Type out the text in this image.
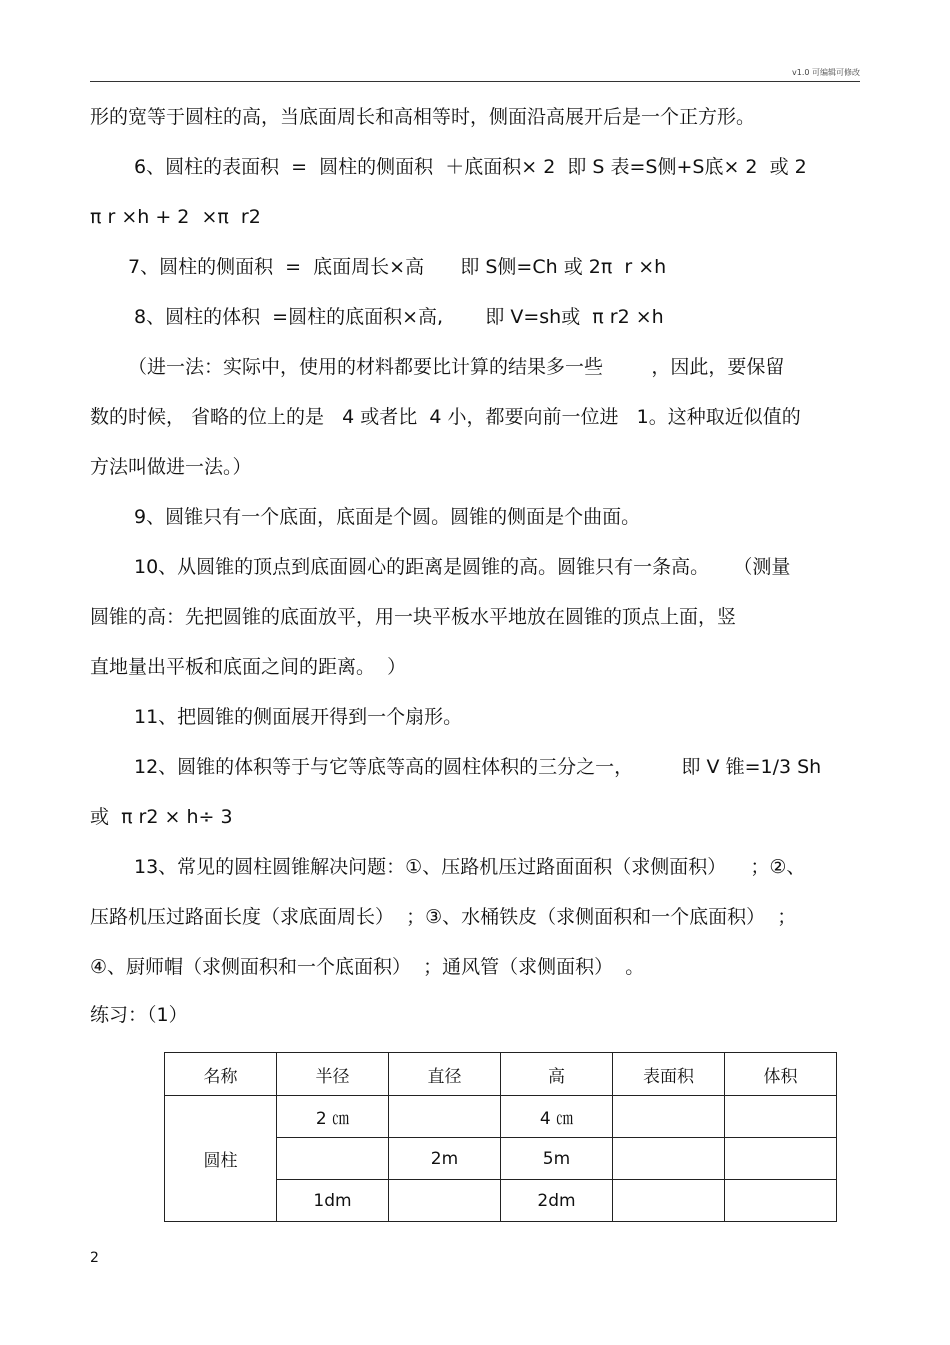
v1.0 可编辑可修改
形的宽等于圆柱的高，当底面周长和高相等时，侧面沿高展开后是一个正方形。
6、圆柱的表面积  =  圆柱的侧面积  ＋底面积× 2  即 S 表=S侧+S底× 2  或 2
π r ×h + 2  ×π  r2
7、圆柱的侧面积  =  底面周长×高      即 S侧=Ch 或 2π  r ×h
8、圆柱的体积  =圆柱的底面积×高,       即 V=sh或  π r2 ×h
（进一法：实际中，使用的材料都要比计算的结果多一些        ，因此，要保留
数的时候， 省略的位上的是   4 或者比  4 小，都要向前一位进   1。这种取近似值的
方法叫做进一法。）
9、圆锥只有一个底面，底面是个圆。圆锥的侧面是个曲面。
10、从圆锥的顶点到底面圆心的距离是圆锥的高。圆锥只有一条高。    （测量
圆锥的高：先把圆锥的底面放平，用一块平板水平地放在圆锥的顶点上面，竖
直地量出平板和底面之间的距离。  ）
11、把圆锥的侧面展开得到一个扇形。
12、圆锥的体积等于与它等底等高的圆柱体积的三分之一，        即 V 锥=1/3 Sh
或  π r2 × h÷ 3
13、常见的圆柱圆锥解决问题：①、压路机压过路面面积（求侧面积）    ；②、
压路机压过路面长度（求底面周长）  ；③、水桶铁皮（求侧面积和一个底面积）  ；
④、厨师帽（求侧面积和一个底面积）  ；通风管（求侧面积）  。
练习：（1）
名称	半径	直径	高	表面积	体积
圆柱	2 ㎝		4 ㎝		
		2m	5m		
	1dm		2dm		
2
